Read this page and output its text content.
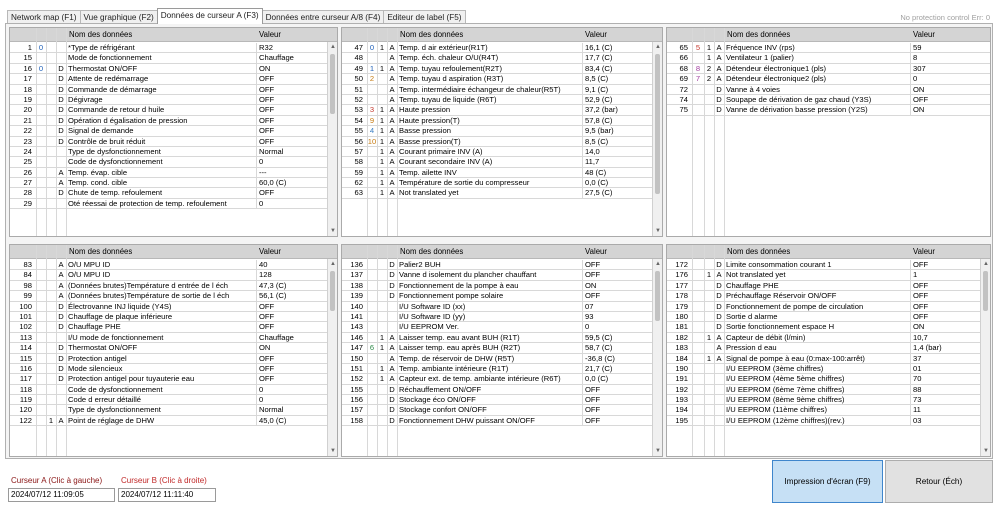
Network map (F1) Vue graphique (F2) Données de curseur A (F3) Données entre curseur A/8 (F4) Editeur de label (F5)	No protection control Err: 0
Nom des données	Valeur
1 0	*Type de réfrigérant	R32
15	Mode de fonctionnement	Chauffage
16 0	D Thermostat ON/OFF	ON
17	D Attente de redémarrage	OFF
18	D Commande de démarrage	OFF
19	D Dégivrage	OFF
20	D Commande de retour d huile	OFF
21	D Opération d égalisation de pression	OFF
22	D Signal de demande	OFF
23	D Contrôle de bruit réduit	OFF
24	Type de dysfonctionnement	Normal
25	Code de dysfonctionnement	0
26	A Temp. évap. cible	---
27	A Temp. cond. cible	60,0 (C)
28	D Chute de temp. refoulement	OFF
29	Oté réessai de protection de temp. refoulement	0
▲
▼
Nom des données	Valeur
47 0 1 A Temp. d air extérieur(R1T)	16,1 (C)
48	A Temp. éch. chaleur O/U(R4T)	17,7 (C)
49 1 1 A Temp. tuyau refoulement(R2T)	83,4 (C)
50 2	A Temp. tuyau d aspiration (R3T)	8,5 (C)
51	A Temp. intermédiaire échangeur de chaleur(R5T)	9,1 (C)
52	A Temp. tuyau de liquide (R6T)	52,9 (C)
53 3 1 A Haute pression	37,2 (bar)
54 9 1 A Haute pression(T)	57,8 (C)
55 4 1 A Basse pression	9,5 (bar)
56 10 1 A Basse pression(T)	8,5 (C)
57	1 A Courant primaire INV (A)	14,0
58	1 A Courant secondaire INV (A)	11,7
59	1 A Temp. ailette INV	48 (C)
62	1 A Température de sortie du compresseur	0,0 (C)
63	1 A Not translated yet	27,5 (C)
▲
▼
Nom des données	Valeur
65	5 1 A Fréquence INV (rps)	59
66	1 A Ventilateur 1 (palier)	8
68	8 2 A Détendeur électronique1 (pls)	307
69	7 2 A Détendeur électronique2 (pls)	0
72	D Vanne à 4 voies	ON
74	D Soupape de dérivation de gaz chaud (Y3S)	OFF
75	D Vanne de dérivation basse pression (Y2S)	ON
Nom des données	Valeur
83	A O/U MPU ID	40
84	A O/U MPU ID	128
98	A (Données brutes)Température d entrée de l éch	47,3 (C)
99	A (Données brutes)Température de sortie de l éch	56,1 (C)
100	D Électrovanne INJ liquide (Y4S)	OFF
101	D Chauffage de plaque inférieure	OFF
102	D Chauffage PHE	OFF
113	I/U mode de fonctionnement	Chauffage
114	D Thermostat ON/OFF	ON
115	D Protection antigel	OFF
116	D Mode silencieux	OFF
117	D Protection antigel pour tuyauterie eau	OFF
118	Code de dysfonctionnement	0
119	Code d erreur détaillé	0
120	Type de dysfonctionnement	Normal
122	1 A Point de réglage de DHW	45,0 (C)
▲
▼
Nom des données	Valeur
136	D Palier2 BUH	OFF
137	D Vanne d isolement du plancher chauffant	OFF
138	D Fonctionnement de la pompe à eau	ON
139	D Fonctionnement pompe solaire	OFF
140	I/U Software ID (xx)	07
141	I/U Software ID (yy)	93
143	I/U EEPROM Ver.	0
146	1 A Laisser temp. eau avant BUH (R1T)	59,5 (C)
147 6 1 A Laisser temp. eau après BUH (R2T)	58,7 (C)
150	A Temp. de réservoir de DHW (R5T)	-36,8 (C)
151	1 A Temp. ambiante intérieure (R1T)	21,7 (C)
152	1 A Capteur ext. de temp. ambiante intérieure (R6T)	0,0 (C)
155	D Réchauffement ON/OFF	OFF
156	D Stockage éco ON/OFF	OFF
157	D Stockage confort ON/OFF	OFF
158	D Fonctionnement DHW puissant ON/OFF	OFF
▲
▼
Nom des données	Valeur
172	D Limite consommation courant 1	OFF
176	1 A Not translated yet	1
177	D Chauffage PHE	OFF
178	D Préchauffage Réservoir ON/OFF	OFF
179	D Fonctionnement de pompe de circulation	OFF
180	D Sortie d alarme	OFF
181	D Sortie fonctionnement espace H	ON
182	1 A Capteur de débit (l/min)	10,7
183	A Pression d eau	1,4 (bar)
184	1 A Signal de pompe à eau (0:max-100:arrêt)	37
190	I/U EEPROM (3ème chiffres)	01
191	I/U EEPROM (4ème 5ème chiffres)	70
192	I/U EEPROM (6ème 7ème chiffres)	88
193	I/U EEPROM (8ème 9ème chiffres)	73
194	I/U EEPROM (11ème chiffres)	11
195	I/U EEPROM (12ème chiffres)(rev.)	03
▲
▼
Curseur A (Clic à gauche) Curseur B (Clic à droite)
2024/07/12 11:09:05	2024/07/12 11:11:40
Impression d'écran (F9)	Retour (Éch)
